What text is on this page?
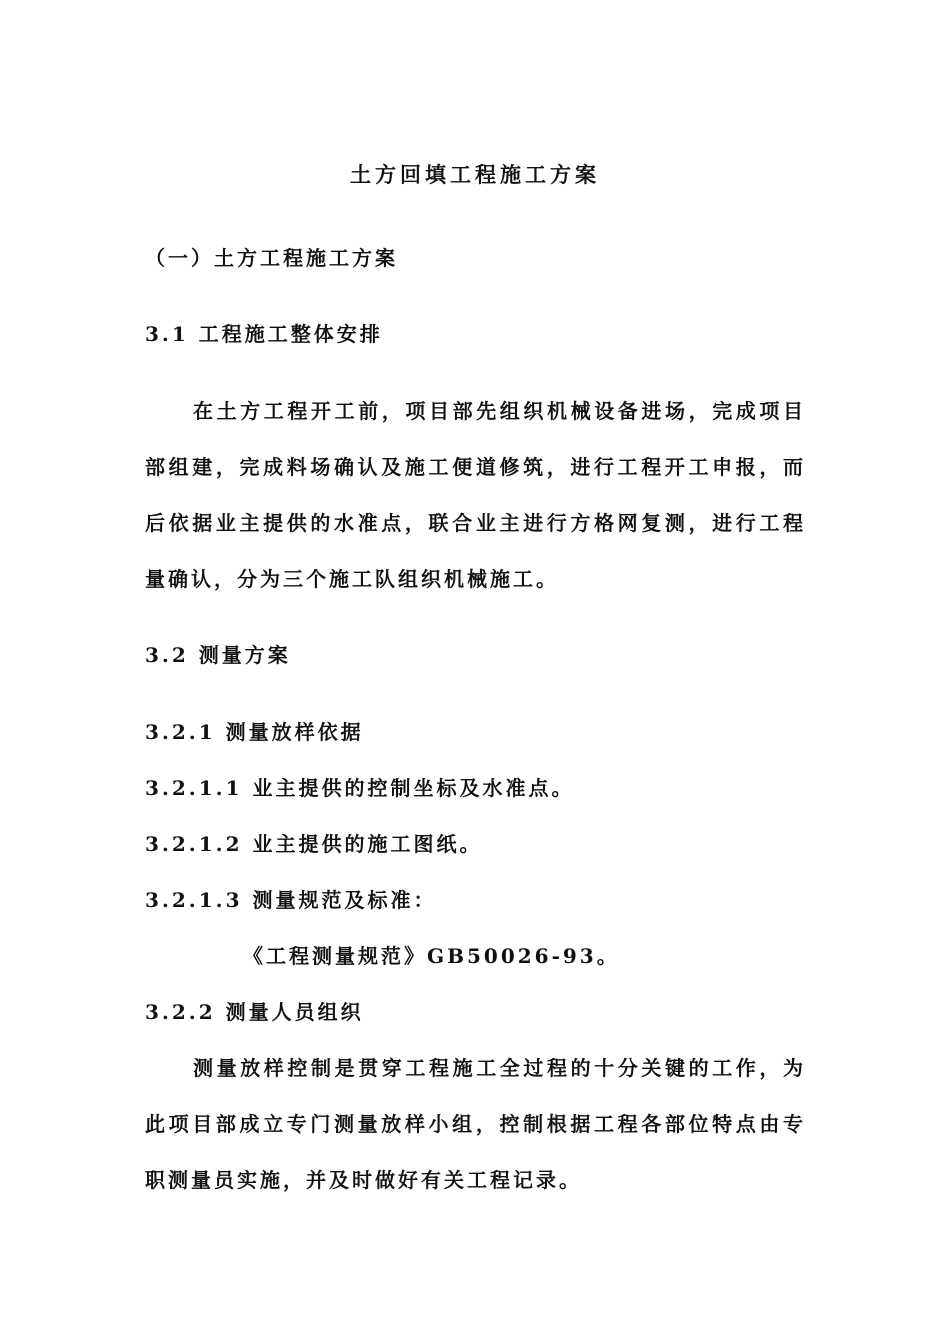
土方回填工程施工方案
（一）土方工程施工方案
3.1 工程施工整体安排
在土方工程开工前，项目部先组织机械设备进场，完成项目
部组建，完成料场确认及施工便道修筑，进行工程开工申报，而
后依据业主提供的水准点，联合业主进行方格网复测，进行工程
量确认，分为三个施工队组织机械施工。
3.2 测量方案
3.2.1 测量放样依据
3.2.1.1 业主提供的控制坐标及水准点。
3.2.1.2 业主提供的施工图纸。
3.2.1.3 测量规范及标准：
《工程测量规范》GB50026-93。
3.2.2 测量人员组织
测量放样控制是贯穿工程施工全过程的十分关键的工作，为
此项目部成立专门测量放样小组，控制根据工程各部位特点由专
职测量员实施，并及时做好有关工程记录。
